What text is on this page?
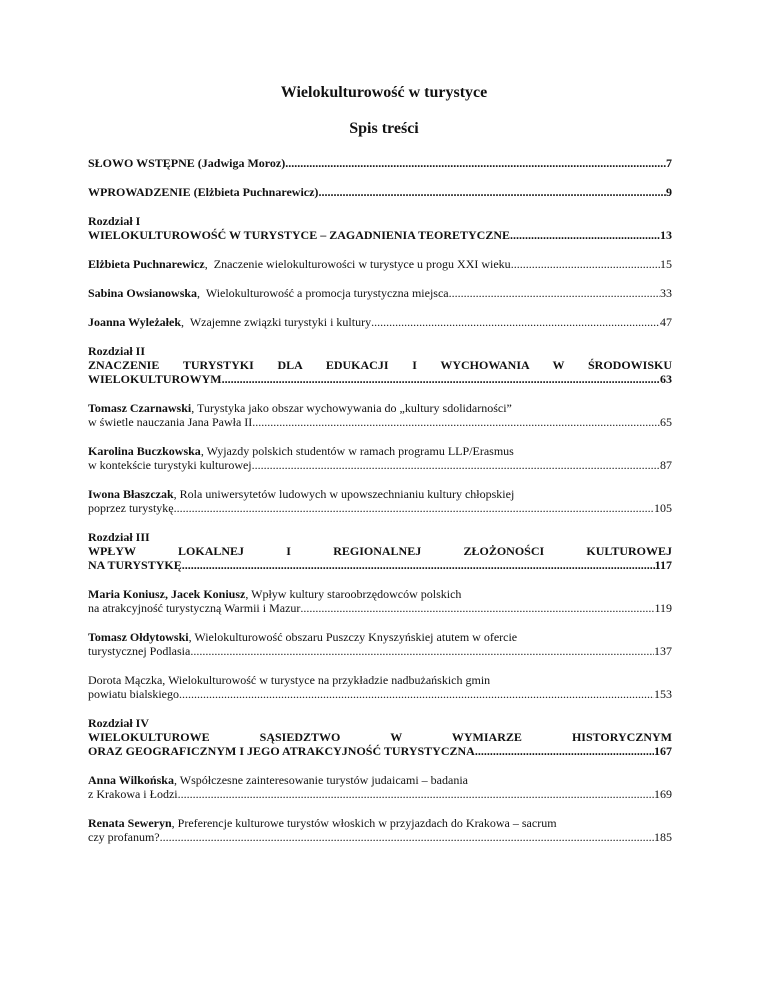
Wielokulturowość w turystyce
Spis treści
SŁOWO WSTĘPNE (Jadwiga Moroz) .....	7
WPROWADZENIE (Elżbieta Puchnarewicz) .....	9
Rozdział I
WIELOKULTUROWOŚĆ W TURYSTYCE – ZAGADNIENIA TEORETYCZNE .....	13
Elżbieta Puchnarewicz,  Znaczenie wielokulturowości w turystyce u progu XXI wieku .....	15
Sabina Owsianowska,  Wielokulturowość a promocja turystyczna miejsca .....	33
Joanna Wyleżałek,  Wzajemne związki turystyki i kultury .....	47
Rozdział II
ZNACZENIE TURYSTYKI DLA EDUKACJI I WYCHOWANIA W ŚRODOWISKU
WIELOKULTUROWYM .....	63
Tomasz Czarnawski, Turystyka jako obszar wychowywania do „kultury sdolidarności”
w świetle nauczania Jana Pawła II .....	65
Karolina Buczkowska, Wyjazdy polskich studentów w ramach programu LLP/Erasmus
w kontekście turystyki kulturowej .....	87
Iwona Błaszczak, Rola uniwersytetów ludowych w upowszechnianiu kultury chłopskiej
poprzez turystykę .....	105
Rozdział III
WPŁYW LOKALNEJ I REGIONALNEJ ZŁOŻONOŚCI KULTUROWEJ
NA TURYSTYKĘ .....	117
Maria Koniusz, Jacek Koniusz, Wpływ kultury staroobrzędowców polskich
na atrakcyjność turystyczną Warmii i Mazur .....	119
Tomasz Ołdytowski, Wielokulturowość obszaru Puszczy Knyszyńskiej atutem w ofercie
turystycznej Podlasia .....	137
Dorota Mączka, Wielokulturowość w turystyce na przykładzie nadbużańskich gmin
powiatu bialskiego .....	153
Rozdział IV
WIELOKULTUROWE SĄSIEDZTWO W WYMIARZE HISTORYCZNYM
ORAZ GEOGRAFICZNYM I JEGO ATRAKCYJNOŚĆ TURYSTYCZNA .....	167
Anna Wilkońska, Współczesne zainteresowanie turystów judaicami – badania
z Krakowa i Łodzi .....	169
Renata Seweryn, Preferencje kulturowe turystów włoskich w przyjazdach do Krakowa – sacrum
czy profanum? .....	185
